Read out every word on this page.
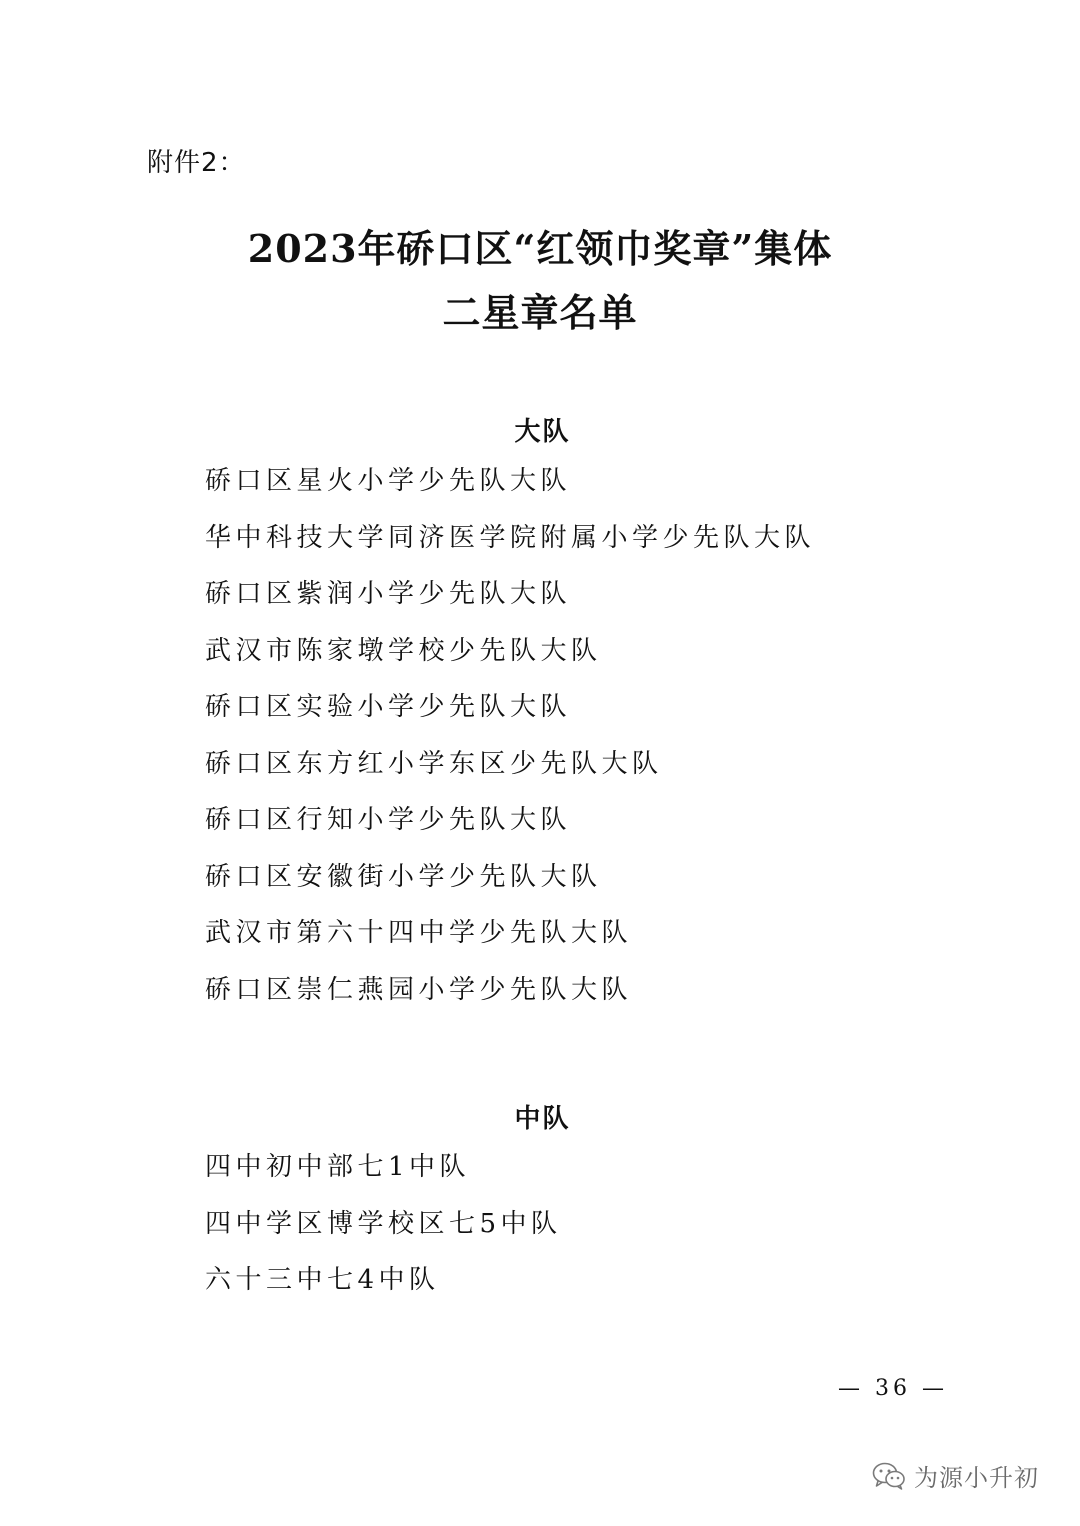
附件2：
2023年硚口区“红领巾奖章”集体
二星章名单
大队
硚口区星火小学少先队大队
华中科技大学同济医学院附属小学少先队大队
硚口区紫润小学少先队大队
武汉市陈家墩学校少先队大队
硚口区实验小学少先队大队
硚口区东方红小学东区少先队大队
硚口区行知小学少先队大队
硚口区安徽街小学少先队大队
武汉市第六十四中学少先队大队
硚口区崇仁燕园小学少先队大队
中队
四中初中部七1中队
四中学区博学校区七5中队
六十三中七4中队
— 36 —
为源小升初
